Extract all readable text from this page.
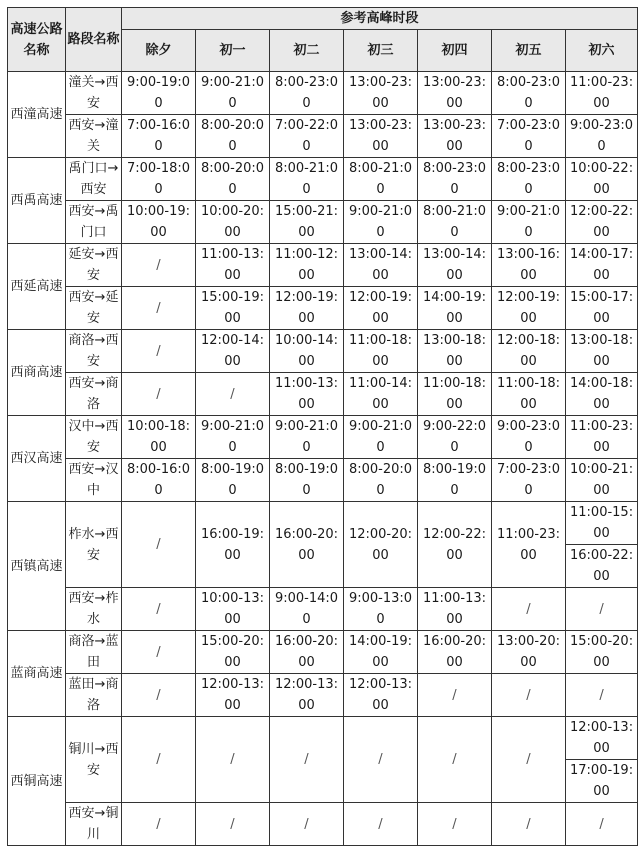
高速公路名称	路段名称	参考高峰时段						
		除夕	初一	初二	初三	初四	初五	初六
西潼高速	潼关→西安	9:00-19:00	9:00-21:00	8:00-23:00	13:00-23:00	13:00-23:00	8:00-23:00	11:00-23:00
	西安→潼关	7:00-16:00	8:00-20:00	7:00-22:00	13:00-23:00	13:00-23:00	7:00-23:00	9:00-23:00
西禹高速	禹门口→西安	7:00-18:00	8:00-20:00	8:00-21:00	8:00-21:00	8:00-23:00	8:00-23:00	10:00-22:00
	西安→禹门口	10:00-19:00	10:00-20:00	15:00-21:00	9:00-21:00	8:00-21:00	9:00-21:00	12:00-22:00
西延高速	延安→西安	/	11:00-13:00	11:00-12:00	13:00-14:00	13:00-14:00	13:00-16:00	14:00-17:00
	西安→延安	/	15:00-19:00	12:00-19:00	12:00-19:00	14:00-19:00	12:00-19:00	15:00-17:00
西商高速	商洛→西安	/	12:00-14:00	10:00-14:00	11:00-18:00	13:00-18:00	12:00-18:00	13:00-18:00
	西安→商洛	/	/	11:00-13:00	11:00-14:00	11:00-18:00	11:00-18:00	14:00-18:00
西汉高速	汉中→西安	10:00-18:00	9:00-21:00	9:00-21:00	9:00-21:00	9:00-22:00	9:00-23:00	11:00-23:00
	西安→汉中	8:00-16:00	8:00-19:00	8:00-19:00	8:00-20:00	8:00-19:00	7:00-23:00	10:00-21:00
西镇高速	柞水→西安	/	16:00-19:00	16:00-20:00	12:00-20:00	12:00-22:00	11:00-23:00	11:00-15:00
								16:00-22:00
	西安→柞水	/	10:00-13:00	9:00-14:00	9:00-13:00	11:00-13:00	/	/
蓝商高速	商洛→蓝田	/	15:00-20:00	16:00-20:00	14:00-19:00	16:00-20:00	13:00-20:00	15:00-20:00
	蓝田→商洛	/	12:00-13:00	12:00-13:00	12:00-13:00	/	/	/
西铜高速	铜川→西安	/	/	/	/	/	/	12:00-13:00
								17:00-19:00
	西安→铜川	/	/	/	/	/	/	/
